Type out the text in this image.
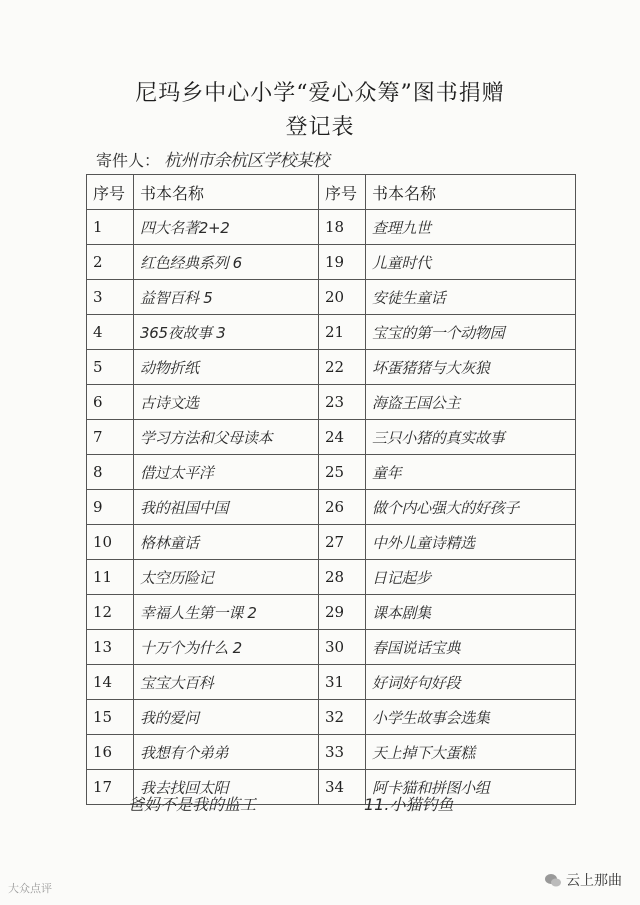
尼玛乡中心小学“爱心众筹”图书捐赠
登记表
寄件人： 杭州市余杭区学校某校
序号	书本名称	序号	书本名称
1	四大名著2+2	18	查理九世
2	红色经典系列 6	19	儿童时代
3	益智百科 5	20	安徒生童话
4	365夜故事 3	21	宝宝的第一个动物园
5	动物折纸	22	坏蛋猪猪与大灰狼
6	古诗文选	23	海盗王国公主
7	学习方法和父母读本	24	三只小猪的真实故事
8	借过太平洋	25	童年
9	我的祖国中国	26	做个内心强大的好孩子
10	格林童话	27	中外儿童诗精选
11	太空历险记	28	日记起步
12	幸福人生第一课 2	29	课本剧集
13	十万个为什么 2	30	春国说话宝典
14	宝宝大百科	31	好词好句好段
15	我的爱问	32	小学生故事会选集
16	我想有个弟弟	33	天上掉下大蛋糕
17	我去找回太阳	34	阿卡猫和拼图小组
爸妈不是我的监工	11.小猫钓鱼
大众点评	云上那曲
